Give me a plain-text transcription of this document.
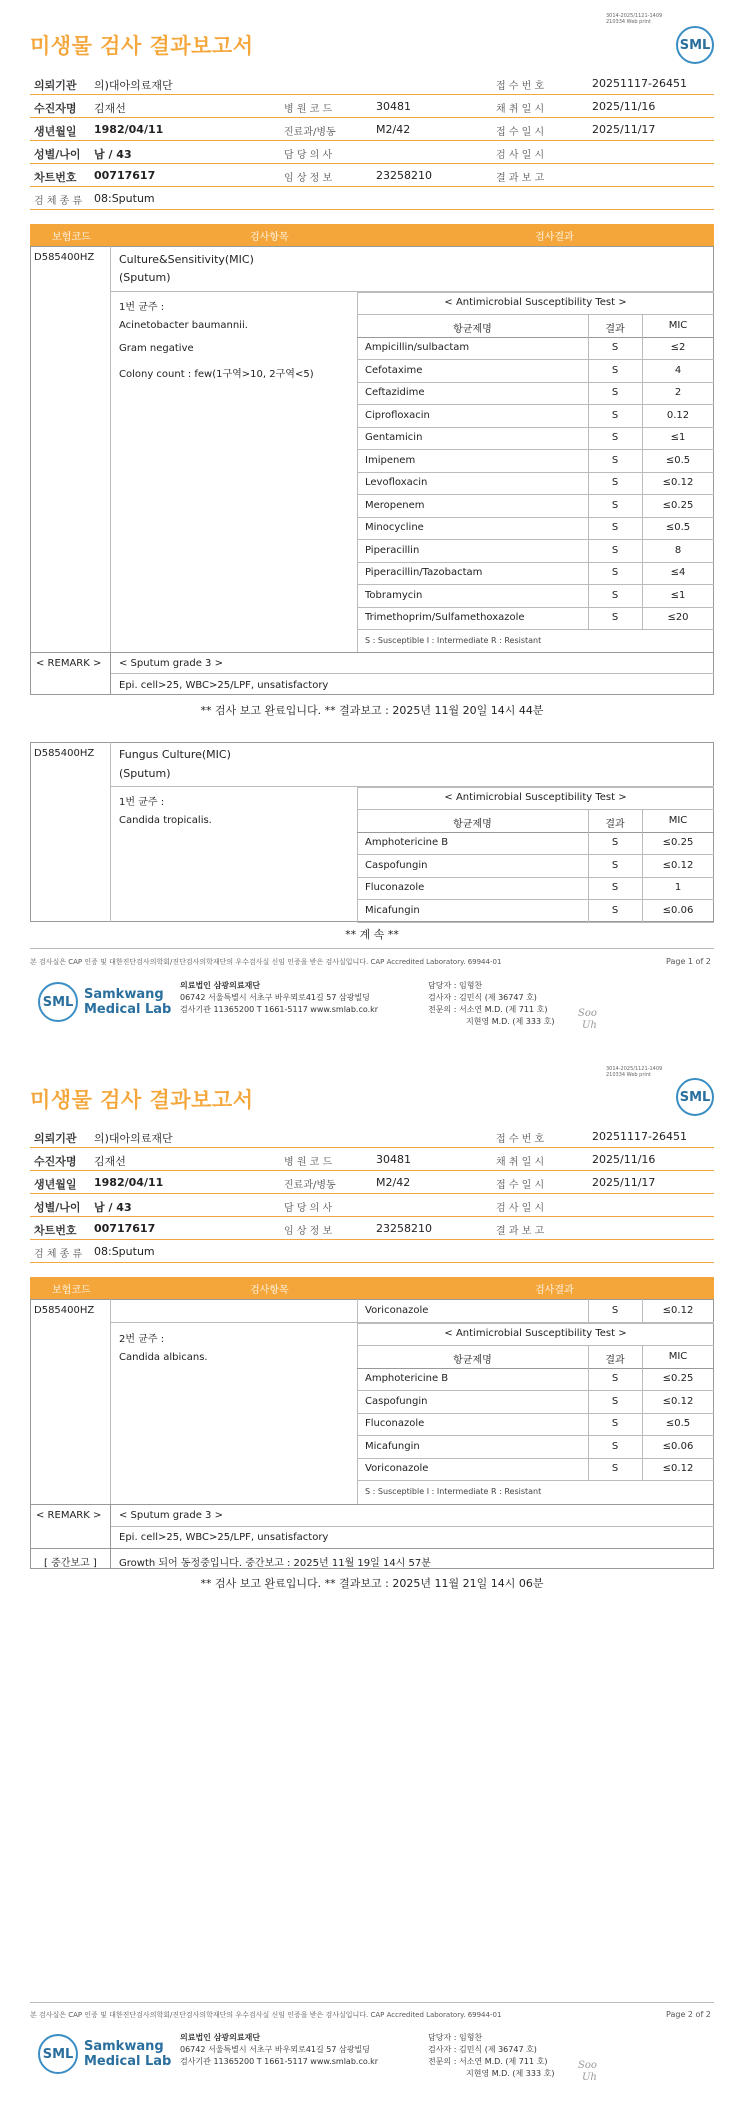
3014-2025/1121-1409
210334 Web print
미생물 검사 결과보고서	SML
의뢰기관 의)대아의료재단	접 수 번 호	20251117-26451
수진자명 김재선	병 원 코 드	30481	채 취 일 시	2025/11/16
생년월일 1982/04/11	진료과/병동	M2/42	접 수 일 시	2025/11/17
성별/나이 남 / 43	담 당 의 사	검 사 일 시
차트번호 00717617	임 상 정 보	23258210	결 과 보 고
검 체 종 류 08:Sputum
보험코드	검사항목	검사결과
D585400HZ Culture&Sensitivity(MIC)
(Sputum)
1번 균주 :
Acinetobacter baumannii.
Gram negative
Colony count : few(1구역>10, 2구역<5)
< Antimicrobial Susceptibility Test >
항균제명	결과	MIC
Ampicillin/sulbactam	S	≤2
Cefotaxime	S	4
Ceftazidime	S	2
Ciprofloxacin	S	0.12
Gentamicin	S	≤1
Imipenem	S	≤0.5
Levofloxacin	S	≤0.12
Meropenem	S	≤0.25
Minocycline	S	≤0.5
Piperacillin	S	8
Piperacillin/Tazobactam	S	≤4
Tobramycin	S	≤1
Trimethoprim/Sulfamethoxazole	S	≤20
S : Susceptible I : Intermediate R : Resistant
< REMARK > < Sputum grade 3 >
Epi. cell>25, WBC>25/LPF, unsatisfactory
** 검사 보고 완료입니다. ** 결과보고 : 2025년 11월 20일 14시 44분
D585400HZ Fungus Culture(MIC)
(Sputum)
1번 균주 :
Candida tropicalis.
< Antimicrobial Susceptibility Test >
항균제명	결과	MIC
Amphotericine B	S	≤0.25
Caspofungin	S	≤0.12
Fluconazole	S	1
Micafungin	S	≤0.06
** 계 속 **
본 검사실은 CAP 인증 및 대한진단검사의학회/진단검사의학재단의 우수검사실 신임 인증을 받은 검사실입니다. CAP Accredited Laboratory. 69944-01	Page 1 of 2
SML Samkwang
Medical Lab
의료법인 삼광의료재단
06742 서울특별시 서초구 바우뫼로41길 57 삼광빌딩
검사기관 11365200 T 1661-5117 www.smlab.co.kr
담당자 : 임형찬
검사자 : 김민식 (제 36747 호)
전문의 : 서소연 M.D. (제 711 호)
지현영 M.D. (제 333 호)
Soo
Uh
3014-2025/1121-1409
210334 Web print
미생물 검사 결과보고서	SML
의뢰기관 의)대아의료재단	접 수 번 호	20251117-26451
수진자명 김재선	병 원 코 드	30481	채 취 일 시	2025/11/16
생년월일 1982/04/11	진료과/병동	M2/42	접 수 일 시	2025/11/17
성별/나이 남 / 43	담 당 의 사	검 사 일 시
차트번호 00717617	임 상 정 보	23258210	결 과 보 고
검 체 종 류 08:Sputum
보험코드	검사항목	검사결과
D585400HZ	Voriconazole	S	≤0.12
2번 균주 :
Candida albicans.
< Antimicrobial Susceptibility Test >
항균제명	결과	MIC
Amphotericine B	S	≤0.25
Caspofungin	S	≤0.12
Fluconazole	S	≤0.5
Micafungin	S	≤0.06
Voriconazole	S	≤0.12
S : Susceptible I : Intermediate R : Resistant
< REMARK > < Sputum grade 3 >
Epi. cell>25, WBC>25/LPF, unsatisfactory
[ 중간보고 ] Growth 되어 동정중입니다. 중간보고 : 2025년 11월 19일 14시 57분
** 검사 보고 완료입니다. ** 결과보고 : 2025년 11월 21일 14시 06분
본 검사실은 CAP 인증 및 대한진단검사의학회/진단검사의학재단의 우수검사실 신임 인증을 받은 검사실입니다. CAP Accredited Laboratory. 69944-01	Page 2 of 2
SML Samkwang
Medical Lab
의료법인 삼광의료재단
06742 서울특별시 서초구 바우뫼로41길 57 삼광빌딩
검사기관 11365200 T 1661-5117 www.smlab.co.kr
담당자 : 임형찬
검사자 : 김민식 (제 36747 호)
전문의 : 서소연 M.D. (제 711 호)
지현영 M.D. (제 333 호)
Soo
Uh
